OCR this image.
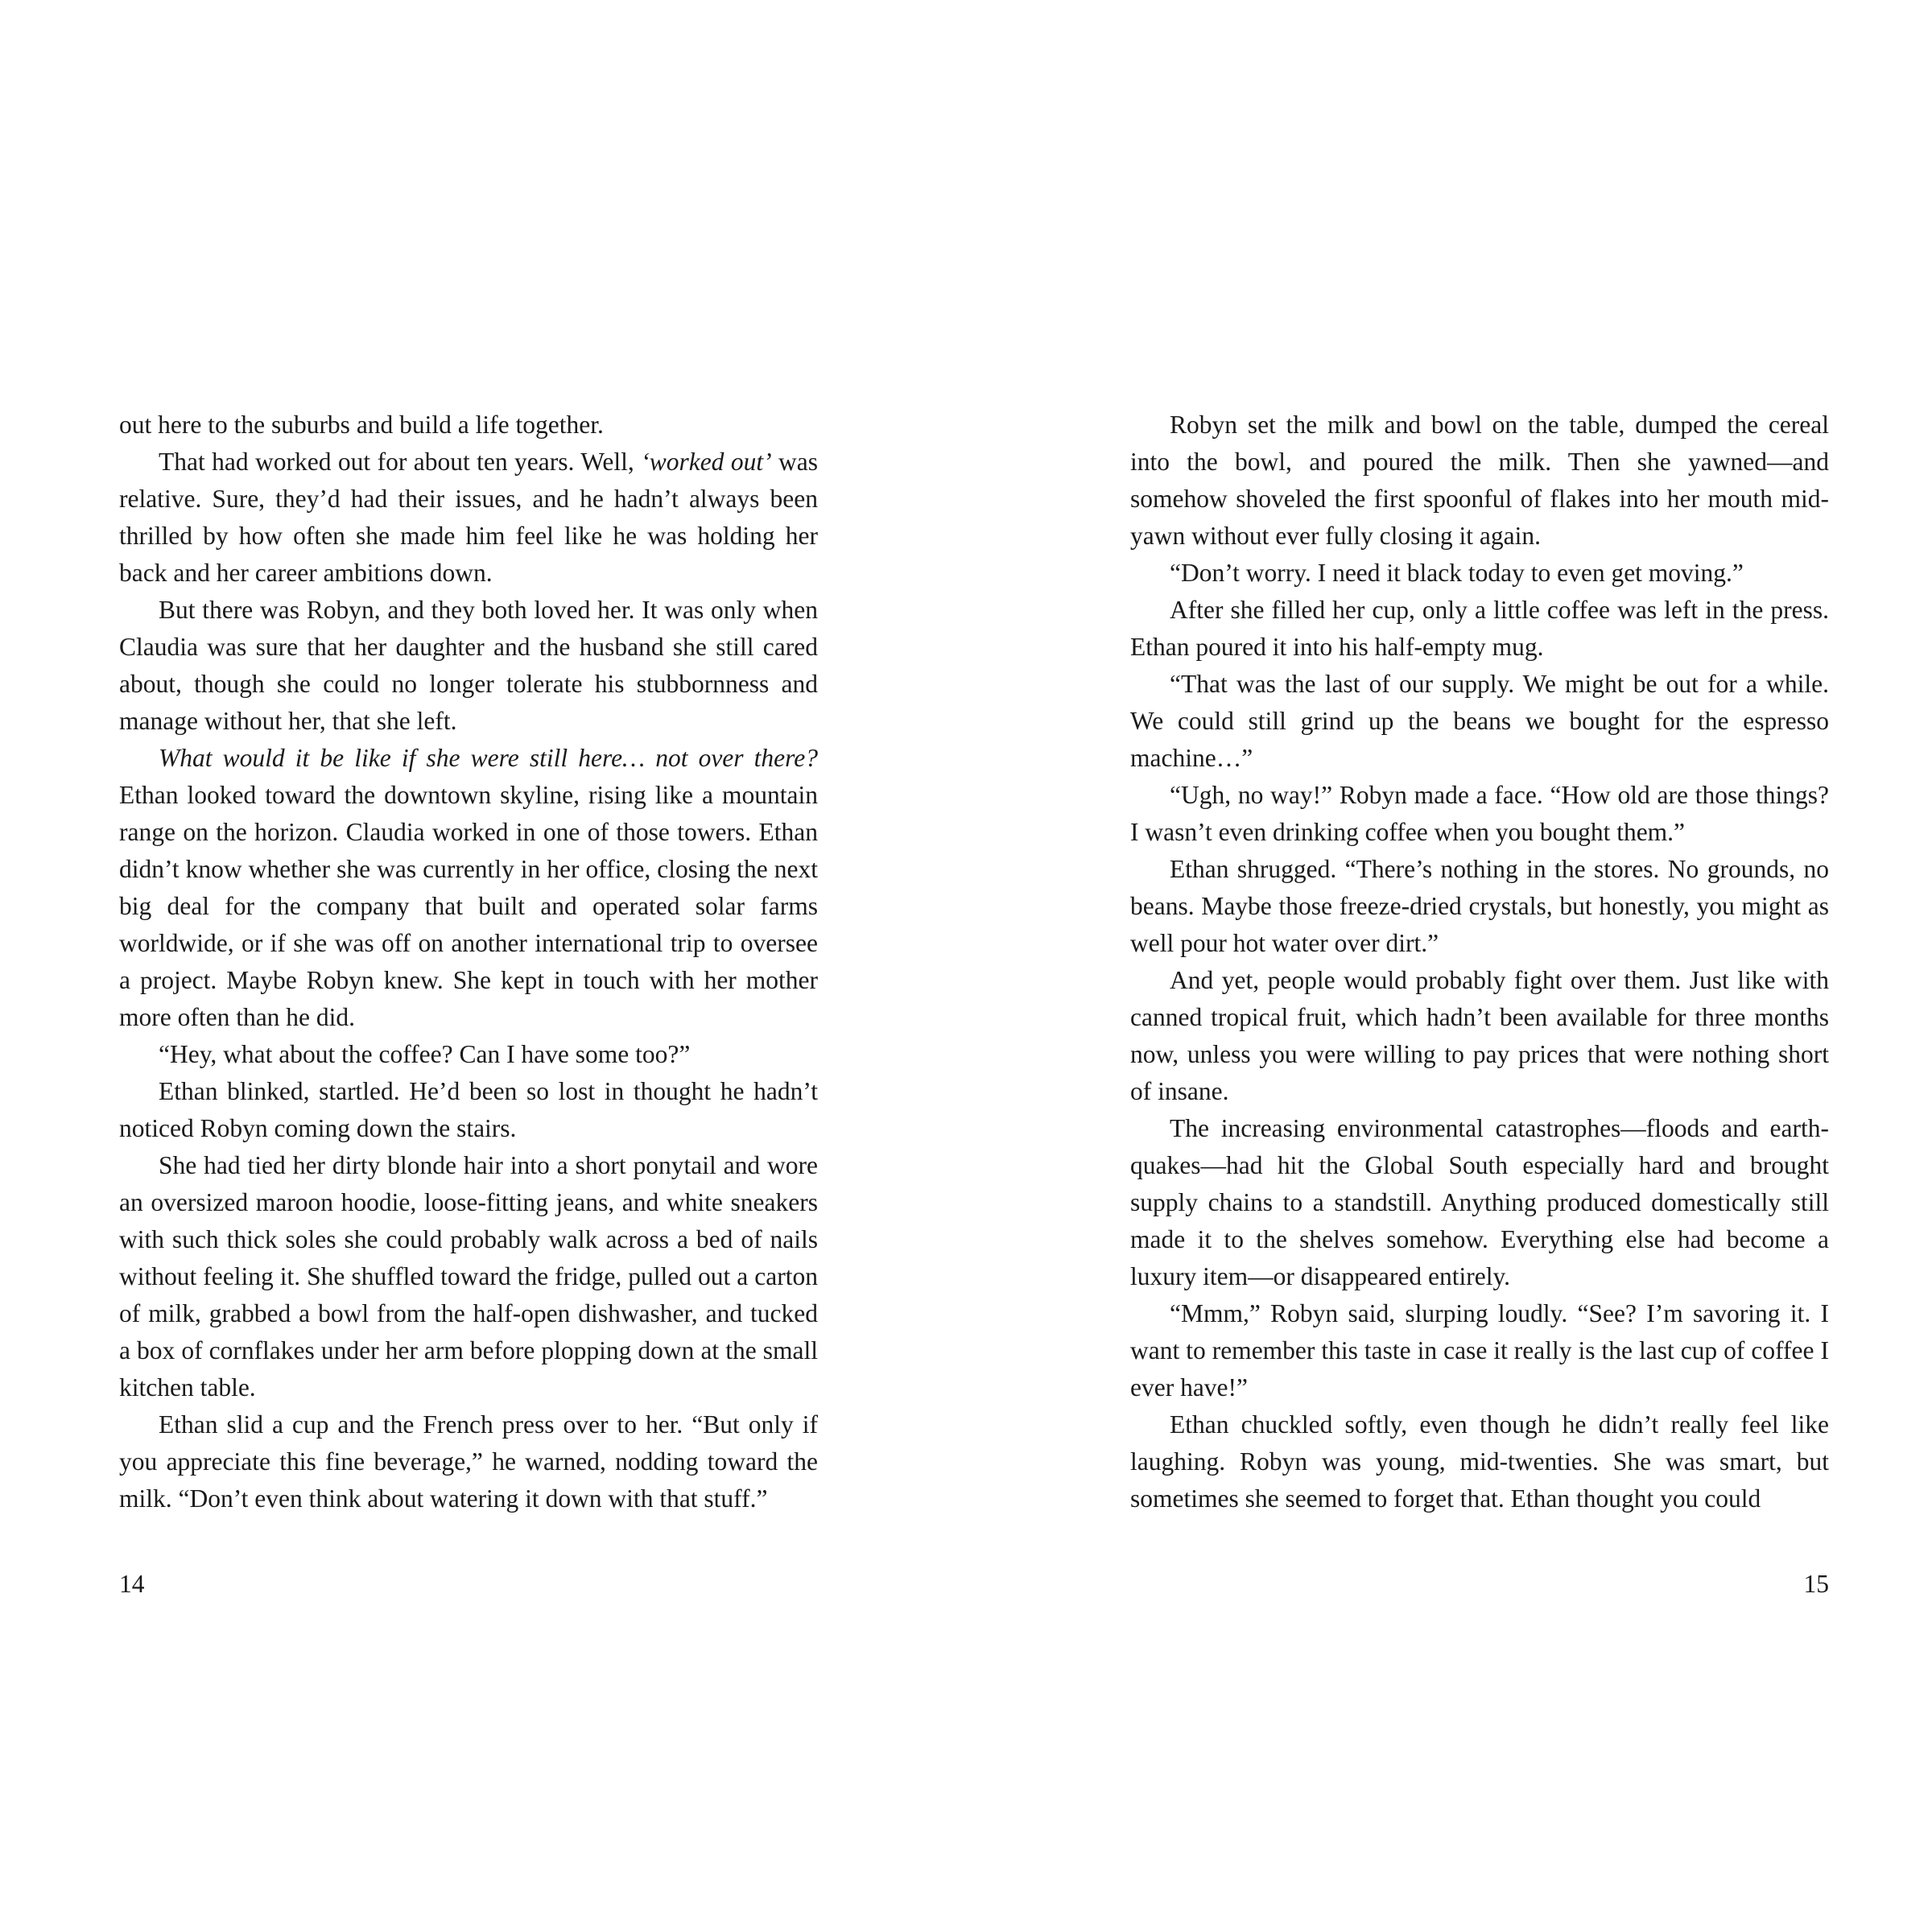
out here to the suburbs and build a life together.

That had worked out for about ten years. Well, ‘worked out’ was relative. Sure, they’d had their issues, and he hadn’t always been thrilled by how often she made him feel like he was holding her back and her career ambitions down.

But there was Robyn, and they both loved her. It was only when Claudia was sure that her daughter and the husband she still cared about, though she could no longer tolerate his stubbornness and manage without her, that she left.

What would it be like if she were still here… not over there? Ethan looked toward the downtown skyline, rising like a mountain range on the horizon. Claudia worked in one of those towers. Ethan didn’t know whether she was currently in her office, closing the next big deal for the company that built and operated solar farms worldwide, or if she was off on another international trip to oversee a project. Maybe Robyn knew. She kept in touch with her mother more often than he did.

“Hey, what about the coffee? Can I have some too?”

Ethan blinked, startled. He’d been so lost in thought he hadn’t noticed Robyn coming down the stairs.

She had tied her dirty blonde hair into a short ponytail and wore an oversized maroon hoodie, loose-fitting jeans, and white sneakers with such thick soles she could probably walk across a bed of nails without feeling it. She shuffled toward the fridge, pulled out a carton of milk, grabbed a bowl from the half-open dishwasher, and tucked a box of cornflakes under her arm before plopping down at the small kitchen table.

Ethan slid a cup and the French press over to her. “But only if you appreciate this fine beverage,” he warned, nodding toward the milk. “Don’t even think about watering it down with that stuff.”

14

Robyn set the milk and bowl on the table, dumped the cereal into the bowl, and poured the milk. Then she yawned—and somehow shoveled the first spoonful of flakes into her mouth mid-yawn without ever fully closing it again.

“Don’t worry. I need it black today to even get moving.”

After she filled her cup, only a little coffee was left in the press. Ethan poured it into his half-empty mug.

“That was the last of our supply. We might be out for a while. We could still grind up the beans we bought for the espresso machine…”

“Ugh, no way!” Robyn made a face. “How old are those things? I wasn’t even drinking coffee when you bought them.”

Ethan shrugged. “There’s nothing in the stores. No grounds, no beans. Maybe those freeze-dried crystals, but honestly, you might as well pour hot water over dirt.”

And yet, people would probably fight over them. Just like with canned tropical fruit, which hadn’t been available for three months now, unless you were willing to pay prices that were nothing short of insane.

The increasing environmental catastrophes—floods and earthquakes—had hit the Global South especially hard and brought supply chains to a standstill. Anything produced domestically still made it to the shelves somehow. Everything else had become a luxury item—or disappeared entirely.

“Mmm,” Robyn said, slurping loudly. “See? I’m savoring it. I want to remember this taste in case it really is the last cup of coffee I ever have!”

Ethan chuckled softly, even though he didn’t really feel like laughing. Robyn was young, mid-twenties. She was smart, but sometimes she seemed to forget that. Ethan thought you could

15
